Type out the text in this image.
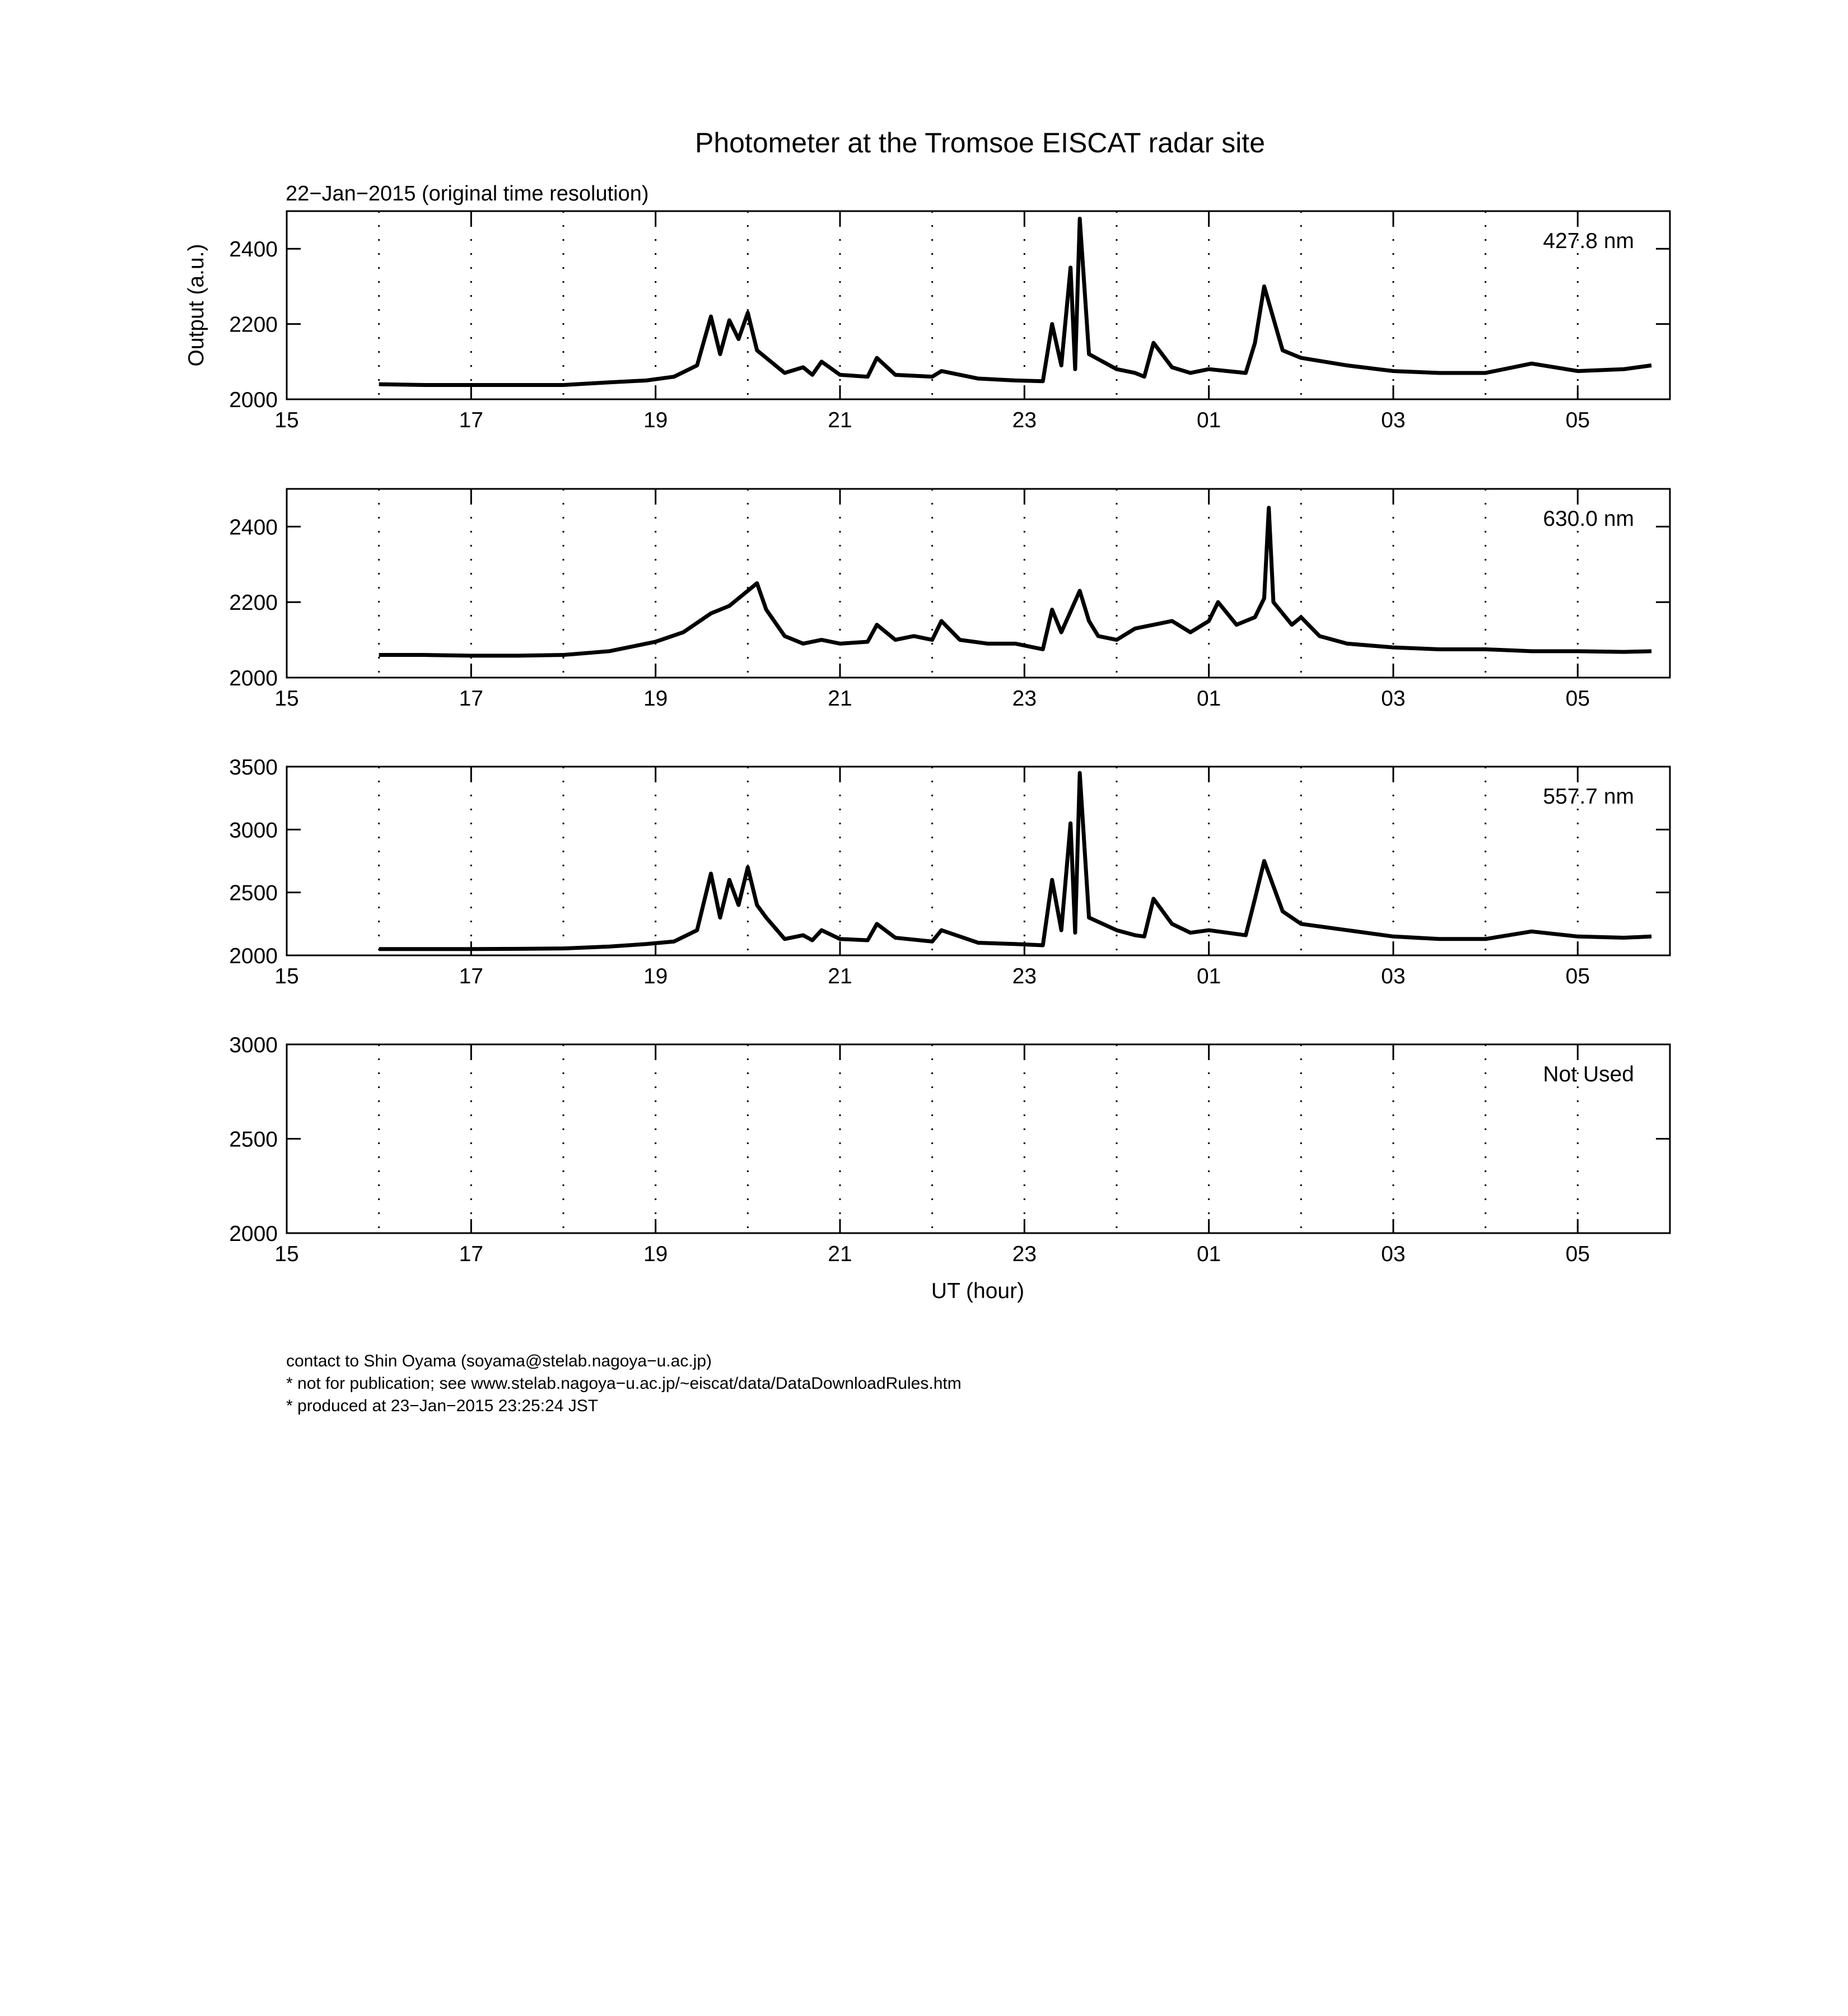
Photometer at the Tromsoe EISCAT radar site
22−Jan−2015 (original time resolution)
Output (a.u.)
UT (hour)
contact to Shin Oyama (soyama@stelab.nagoya−u.ac.jp)
* not for publication; see www.stelab.nagoya−u.ac.jp/~eiscat/data/DataDownloadRules.htm
* produced at 23−Jan−2015 23:25:24 JST
2000
2200
2400
15	17	19	21	23	01	03	05
427.8 nm
2000
2200
2400
15	17	19	21	23	01	03	05
630.0 nm
2000
2500
3000
3500
15	17	19	21	23	01	03	05
557.7 nm
2000
2500
3000
15	17	19	21	23	01	03	05
Not Used
